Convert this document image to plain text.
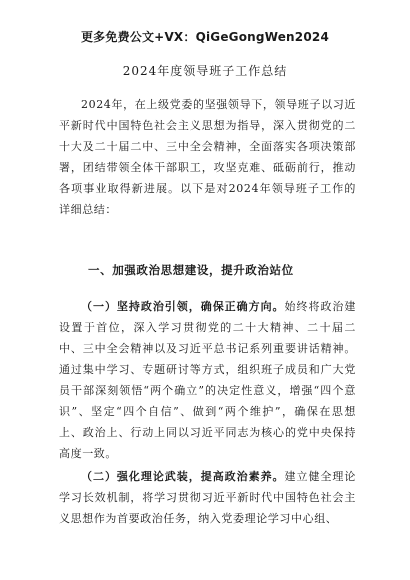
更多免费公文+VX：QiGeGongWen2024
2024年度领导班子工作总结

2024年，在上级党委的坚强领导下，领导班子以习近平新时代中国特色社会主义思想为指导，深入贯彻党的二十大及二十届二中、三中全会精神，全面落实各项决策部署，团结带领全体干部职工，攻坚克难、砥砺前行，推动各项事业取得新进展。以下是对2024年领导班子工作的详细总结：

一、加强政治思想建设，提升政治站位

（一）坚持政治引领，确保正确方向。始终将政治建设置于首位，深入学习贯彻党的二十大精神、二十届二中、三中全会精神以及习近平总书记系列重要讲话精神。通过集中学习、专题研讨等方式，组织班子成员和广大党员干部深刻领悟“两个确立”的决定性意义，增强“四个意识”、坚定“四个自信”、做到“两个维护”，确保在思想上、政治上、行动上同以习近平同志为核心的党中央保持高度一致。

（二）强化理论武装，提高政治素养。建立健全理论学习长效机制，将学习贯彻习近平新时代中国特色社会主义思想作为首要政治任务，纳入党委理论学习中心组、
